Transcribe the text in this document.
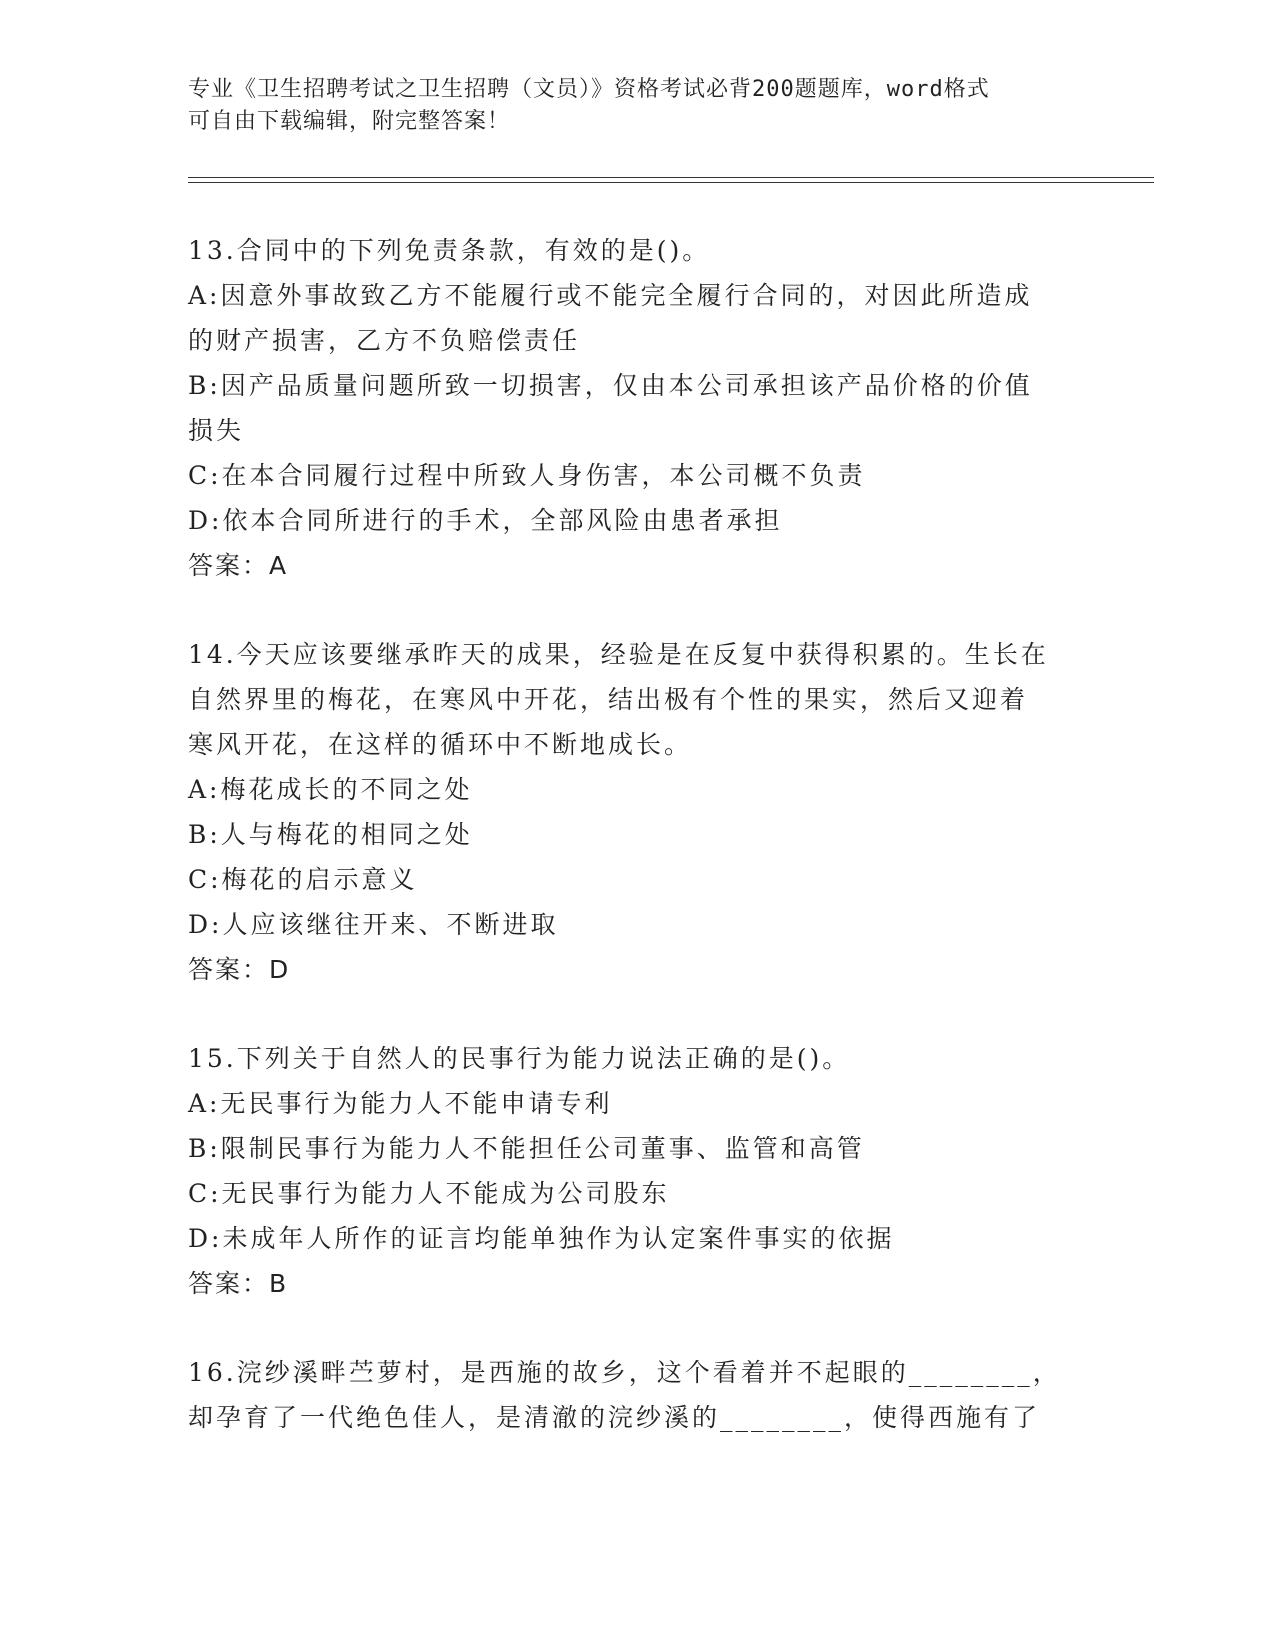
专业《卫生招聘考试之卫生招聘（文员）》资格考试必背200题题库，word格式
可自由下载编辑，附完整答案！
13.合同中的下列免责条款，有效的是()。
A:因意外事故致乙方不能履行或不能完全履行合同的，对因此所造成
的财产损害，乙方不负赔偿责任
B:因产品质量问题所致一切损害，仅由本公司承担该产品价格的价值
损失
C:在本合同履行过程中所致人身伤害，本公司概不负责
D:依本合同所进行的手术，全部风险由患者承担
答案：A
14.今天应该要继承昨天的成果，经验是在反复中获得积累的。生长在
自然界里的梅花，在寒风中开花，结出极有个性的果实，然后又迎着
寒风开花，在这样的循环中不断地成长。
A:梅花成长的不同之处
B:人与梅花的相同之处
C:梅花的启示意义
D:人应该继往开来、不断进取
答案：D
15.下列关于自然人的民事行为能力说法正确的是()。
A:无民事行为能力人不能申请专利
B:限制民事行为能力人不能担任公司董事、监管和高管
C:无民事行为能力人不能成为公司股东
D:未成年人所作的证言均能单独作为认定案件事实的依据
答案：B
16.浣纱溪畔苎萝村，是西施的故乡，这个看着并不起眼的________，
却孕育了一代绝色佳人，是清澈的浣纱溪的________，使得西施有了
